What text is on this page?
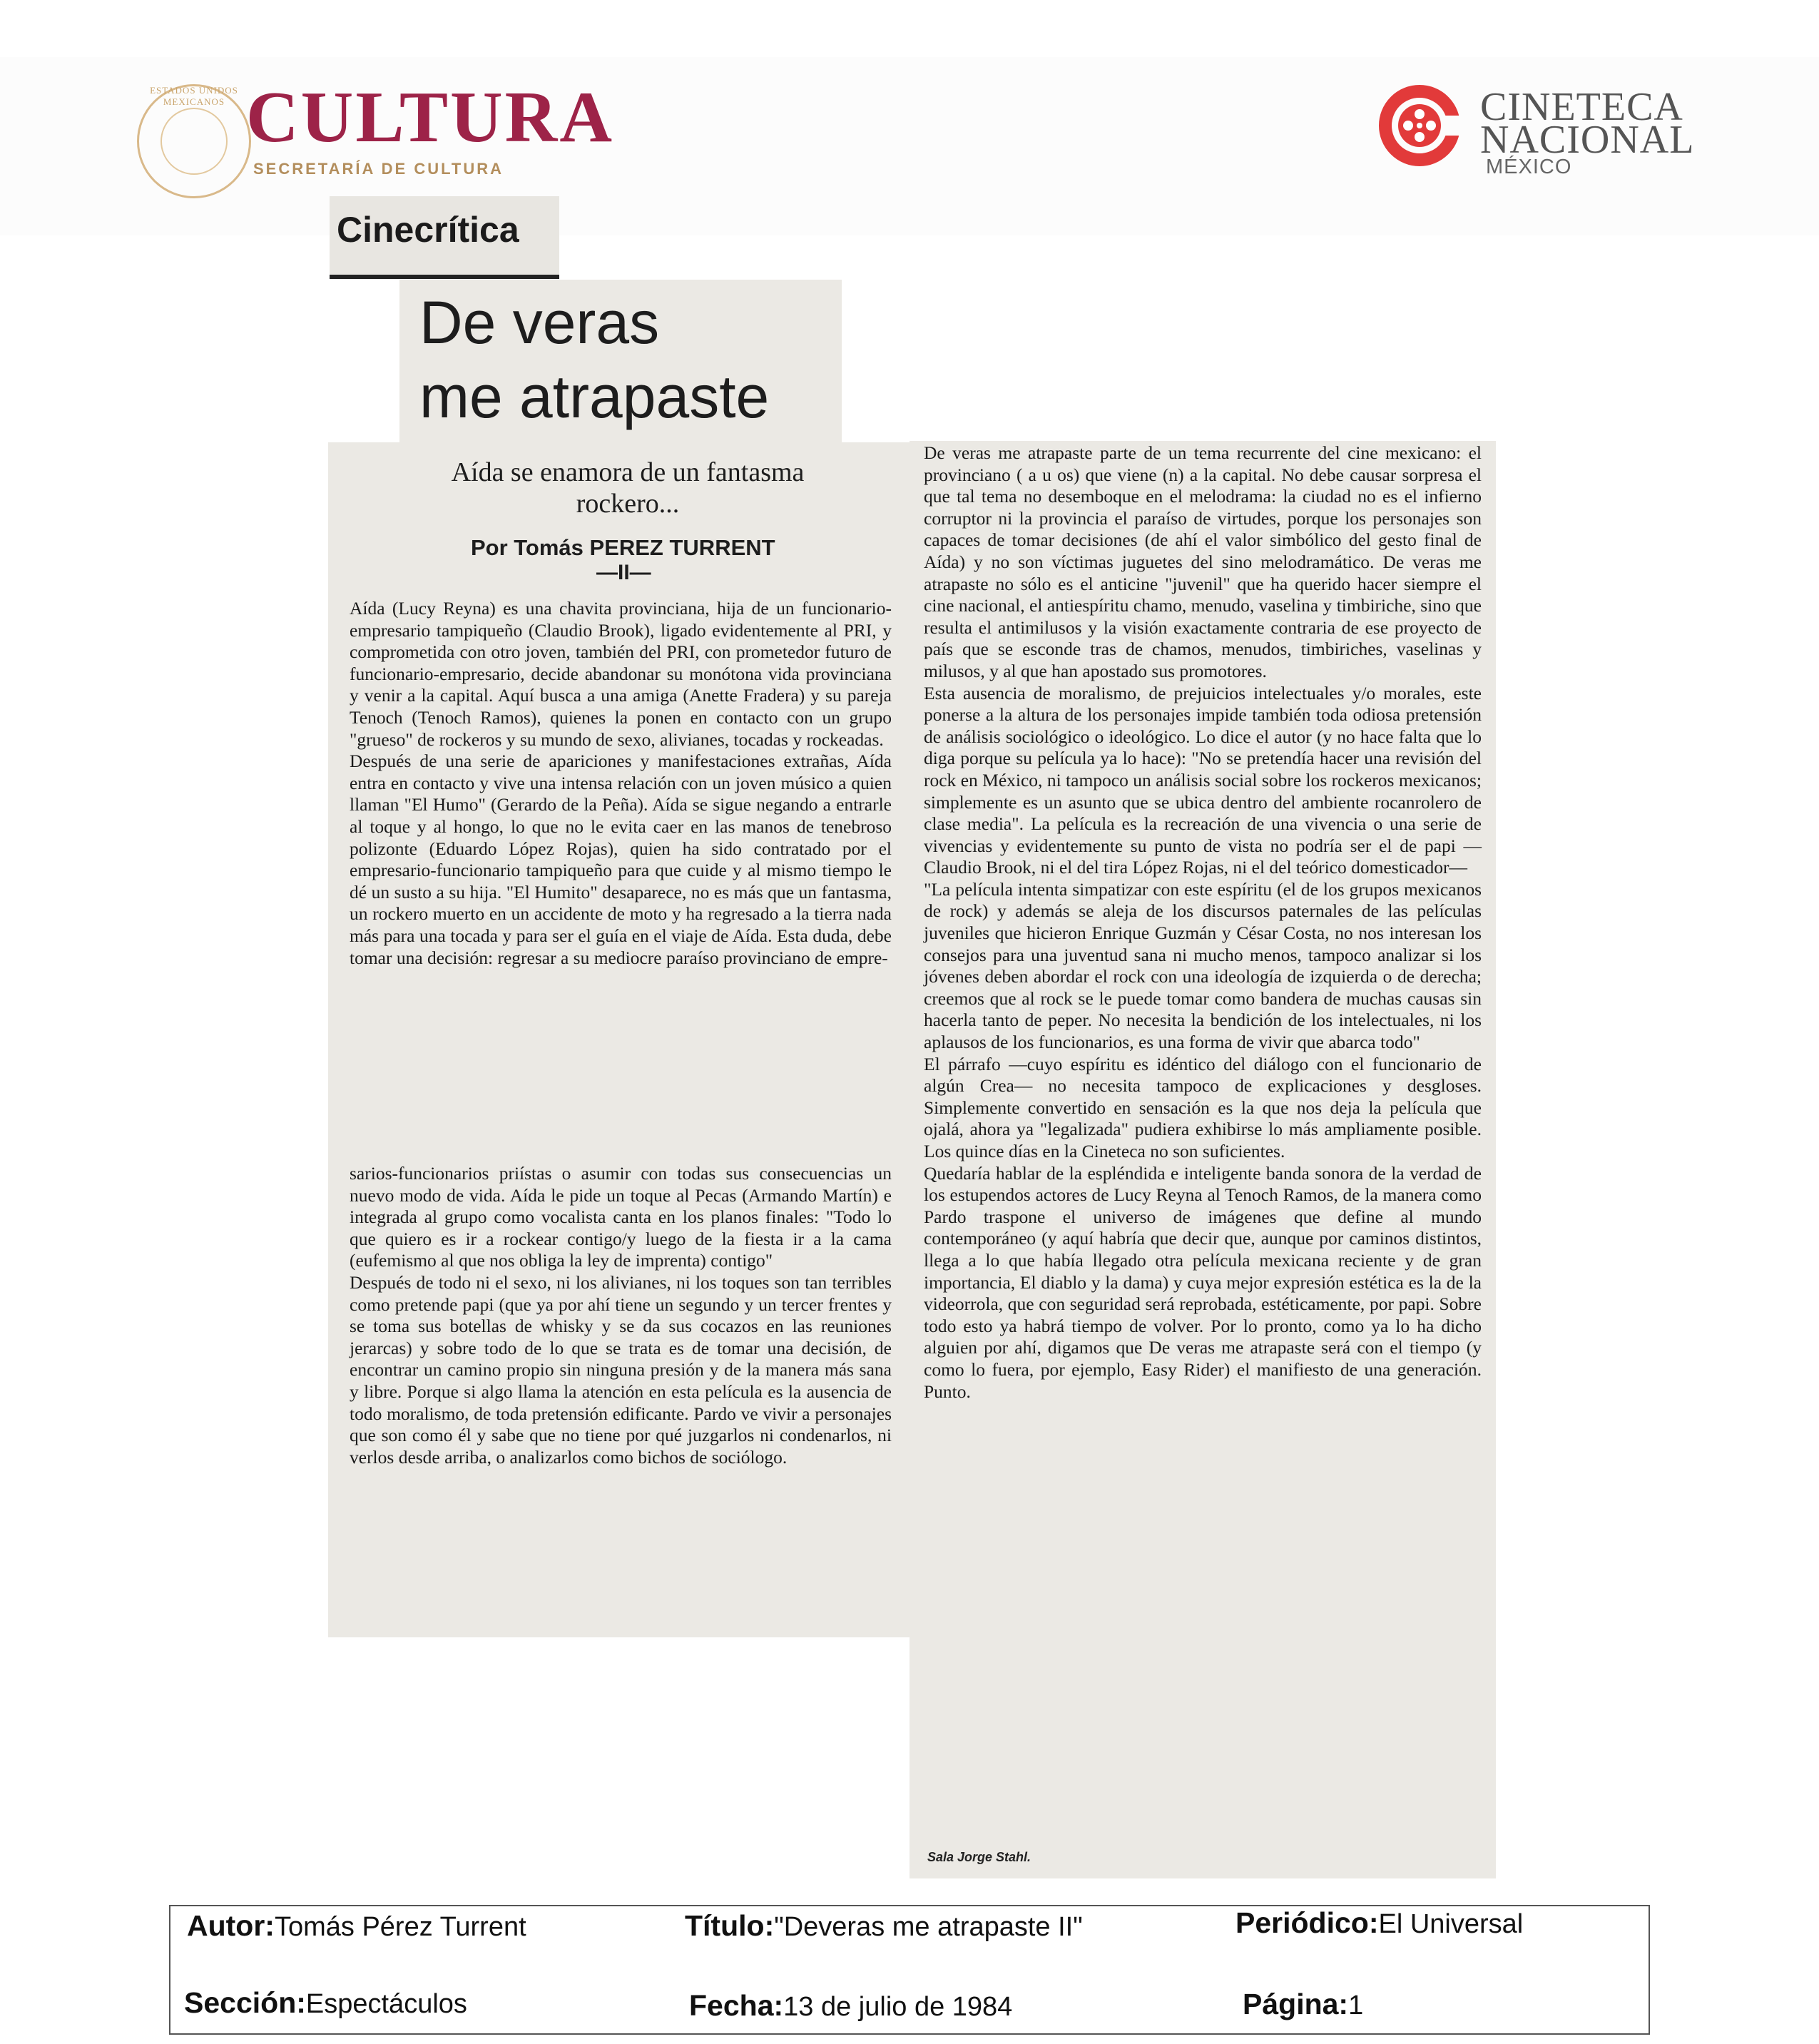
ESTADOS UNIDOS MEXICANOS CULTURA
SECRETARÍA DE CULTURA
CINETECA
NACIONAL
MÉXICO
Cinecrítica
De veras
me atrapaste
Aída se enamora de un fantasma
rockero...
Por Tomás PEREZ TURRENT
—II—

Aída (Lucy Reyna) es una chavita provinciana, hija de un funcionario-empresario tampiqueño (Claudio Brook), ligado evidentemente al PRI, y comprometida con otro joven, también del PRI, con prometedor futuro de funcionario-empresario, decide abandonar su monótona vida provinciana y venir a la capital. Aquí busca a una amiga (Anette Fradera) y su pareja Tenoch (Tenoch Ramos), quienes la ponen en contacto con un grupo "grueso" de rockeros y su mundo de sexo, alivianes, tocadas y rockeadas.
Después de una serie de apariciones y manifestaciones extrañas, Aída entra en contacto y vive una intensa relación con un joven músico a quien llaman "El Humo" (Gerardo de la Peña). Aída se sigue negando a entrarle al toque y al hongo, lo que no le evita caer en las manos de tenebroso polizonte (Eduardo López Rojas), quien ha sido contratado por el empresario-funcionario tampiqueño para que cuide y al mismo tiempo le dé un susto a su hija. "El Humito" desaparece, no es más que un fantasma, un rockero muerto en un accidente de moto y ha regresado a la tierra nada más para una tocada y para ser el guía en el viaje de Aída. Esta duda, debe tomar una decisión: regresar a su mediocre paraíso provinciano de empre-

sarios-funcionarios priístas o asumir con todas sus consecuencias un nuevo modo de vida. Aída le pide un toque al Pecas (Armando Martín) e integrada al grupo como vocalista canta en los planos finales: "Todo lo que quiero es ir a rockear contigo/y luego de la fiesta ir a la cama (eufemismo al que nos obliga la ley de imprenta) contigo"
Después de todo ni el sexo, ni los alivianes, ni los toques son tan terribles como pretende papi (que ya por ahí tiene un segundo y un tercer frentes y se toma sus botellas de whisky y se da sus cocazos en las reuniones jerarcas) y sobre todo de lo que se trata es de tomar una decisión, de encontrar un camino propio sin ninguna presión y de la manera más sana y libre. Porque si algo llama la atención en esta película es la ausencia de todo moralismo, de toda pretensión edificante. Pardo ve vivir a personajes que son como él y sabe que no tiene por qué juzgarlos ni condenarlos, ni verlos desde arriba, o analizarlos como bichos de sociólogo.

De veras me atrapaste parte de un tema recurrente del cine mexicano: el provinciano ( a u os) que viene (n) a la capital. No debe causar sorpresa el que tal tema no desemboque en el melodrama: la ciudad no es el infierno corruptor ni la provincia el paraíso de virtudes, porque los personajes son capaces de tomar decisiones (de ahí el valor simbólico del gesto final de Aída) y no son víctimas juguetes del sino melodramático. De veras me atrapaste no sólo es el anticine "juvenil" que ha querido hacer siempre el cine nacional, el antiespíritu chamo, menudo, vaselina y timbiriche, sino que resulta el antimilusos y la visión exactamente contraria de ese proyecto de país que se esconde tras de chamos, menudos, timbiriches, vaselinas y milusos, y al que han apostado sus promotores.
Esta ausencia de moralismo, de prejuicios intelectuales y/o morales, este ponerse a la altura de los personajes impide también toda odiosa pretensión de análisis sociológico o ideológico. Lo dice el autor (y no hace falta que lo diga porque su película ya lo hace): "No se pretendía hacer una revisión del rock en México, ni tampoco un análisis social sobre los rockeros mexicanos; simplemente es un asunto que se ubica dentro del ambiente rocanrolero de clase media". La película es la recreación de una vivencia o una serie de vivencias y evidentemente su punto de vista no podría ser el de papi —Claudio Brook, ni el del tira López Rojas, ni el del teórico domesticador—
"La película intenta simpatizar con este espíritu (el de los grupos mexicanos de rock) y además se aleja de los discursos paternales de las películas juveniles que hicieron Enrique Guzmán y César Costa, no nos interesan los consejos para una juventud sana ni mucho menos, tampoco analizar si los jóvenes deben abordar el rock con una ideología de izquierda o de derecha; creemos que al rock se le puede tomar como bandera de muchas causas sin hacerla tanto de peper. No necesita la bendición de los intelectuales, ni los aplausos de los funcionarios, es una forma de vivir que abarca todo"
El párrafo —cuyo espíritu es idéntico del diálogo con el funcionario de algún Crea— no necesita tampoco de explicaciones y desgloses. Simplemente convertido en sensación es la que nos deja la película que ojalá, ahora ya "legalizada" pudiera exhibirse lo más ampliamente posible. Los quince días en la Cineteca no son suficientes.
Quedaría hablar de la espléndida e inteligente banda sonora de la verdad de los estupendos actores de Lucy Reyna al Tenoch Ramos, de la manera como Pardo traspone el universo de imágenes que define al mundo contemporáneo (y aquí habría que decir que, aunque por caminos distintos, llega a lo que había llegado otra película mexicana reciente y de gran importancia, El diablo y la dama) y cuya mejor expresión estética es la de la videorrola, que con seguridad será reprobada, estéticamente, por papi. Sobre todo esto ya habrá tiempo de volver. Por lo pronto, como ya lo ha dicho alguien por ahí, digamos que De veras me atrapaste será con el tiempo (y como lo fuera, por ejemplo, Easy Rider) el manifiesto de una generación. Punto.

Sala Jorge Stahl.
Autor:Tomás Pérez Turrent	Título:"Deveras me atrapaste II"	Periódico:El Universal
Sección:Espectáculos	Fecha:13 de julio de 1984	Página:1
